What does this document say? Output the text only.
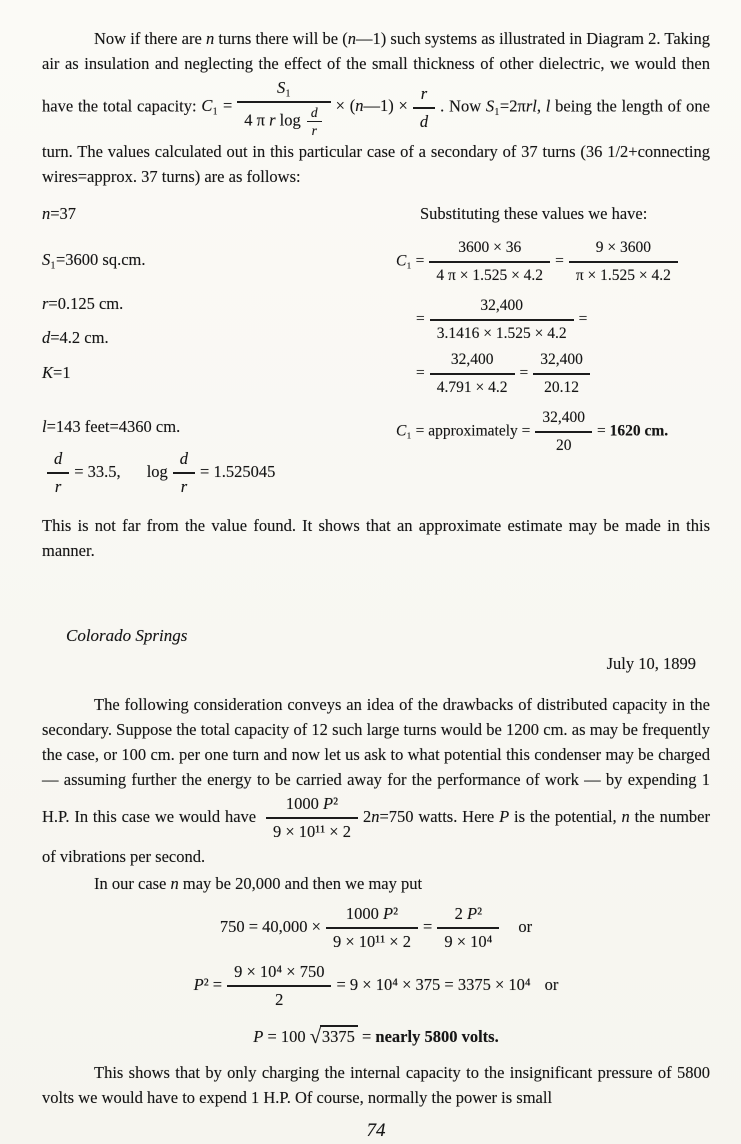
Now if there are n turns there will be (n—1) such systems as illustrated in Diagram 2. Taking air as insulation and neglecting the effect of the small thickness of other dielectric, we would then have the total capacity: $C_1 = \frac{\text{S₁}}{4 \pi r \log \frac{d}{r}}$ × (n—1) × $\frac{r}{d}$ . Now S₁=2πrl, l being the length of one turn. The values calculated out in this particular case of a secondary of 37 turns (36 1/2+connecting wires=approx. 37 turns) are as follows:

n=37
S₁=3600 sq.cm.
r=0.125 cm.
d=4.2 cm.
K=1
l=143 feet=4360 cm.
$\frac{d}{r} = 33.5$, $\log \frac{d}{r} = 1.525045$
Substituting these values we have:
$C_1 = \frac{3600 \times 36}{4 \pi \times 1.525 \times 4.2} = \frac{9 \times 3600}{\pi \times 1.525 \times 4.2}$
= $\frac{32,400}{3.1416 \times 1.525 \times 4.2}$ =
= $\frac{32,400}{4.791 \times 4.2} = \frac{32,400}{20.12}$
C₁ = approximately = $\frac{32,400}{20} = 1620$ cm.

This is not far from the value found. It shows that an approximate estimate may be made in this manner.

Colorado Springs
July 10, 1899

The following consideration conveys an idea of the drawbacks of distributed capacity in the secondary. Suppose the total capacity of 12 such large turns would be 1200 cm. as may be frequently the case, or 100 cm. per one turn and now let us ask to what potential this condenser may be charged — assuming further the energy to be carried away for the performance of work — by expending 1 H.P. In this case we would have $\frac{\text{1000 P²}}{\text{9 × 10¹¹ × 2}} 2n=750$ watts. Here P is the potential, n the number of vibrations per second.

In our case n may be 20,000 and then we may put

$750 = 40,000 \times \frac{\text{1000 P²}}{\text{9 × 10¹¹ × 2}} = \frac{\text{2 P²}}{\text{9 × 10⁴}}$ or
$P^2 = \frac{\text{9 × 10⁴ × 750}}{2} = 9 \times 10^4 \times 375 = 3375 \times 10^4$ or
P = 100 √3375 = nearly 5800 volts.

This shows that by only charging the internal capacity to the insignificant pressure of 5800 volts we would have to expend 1 H.P. Of course, normally the power is small

74
